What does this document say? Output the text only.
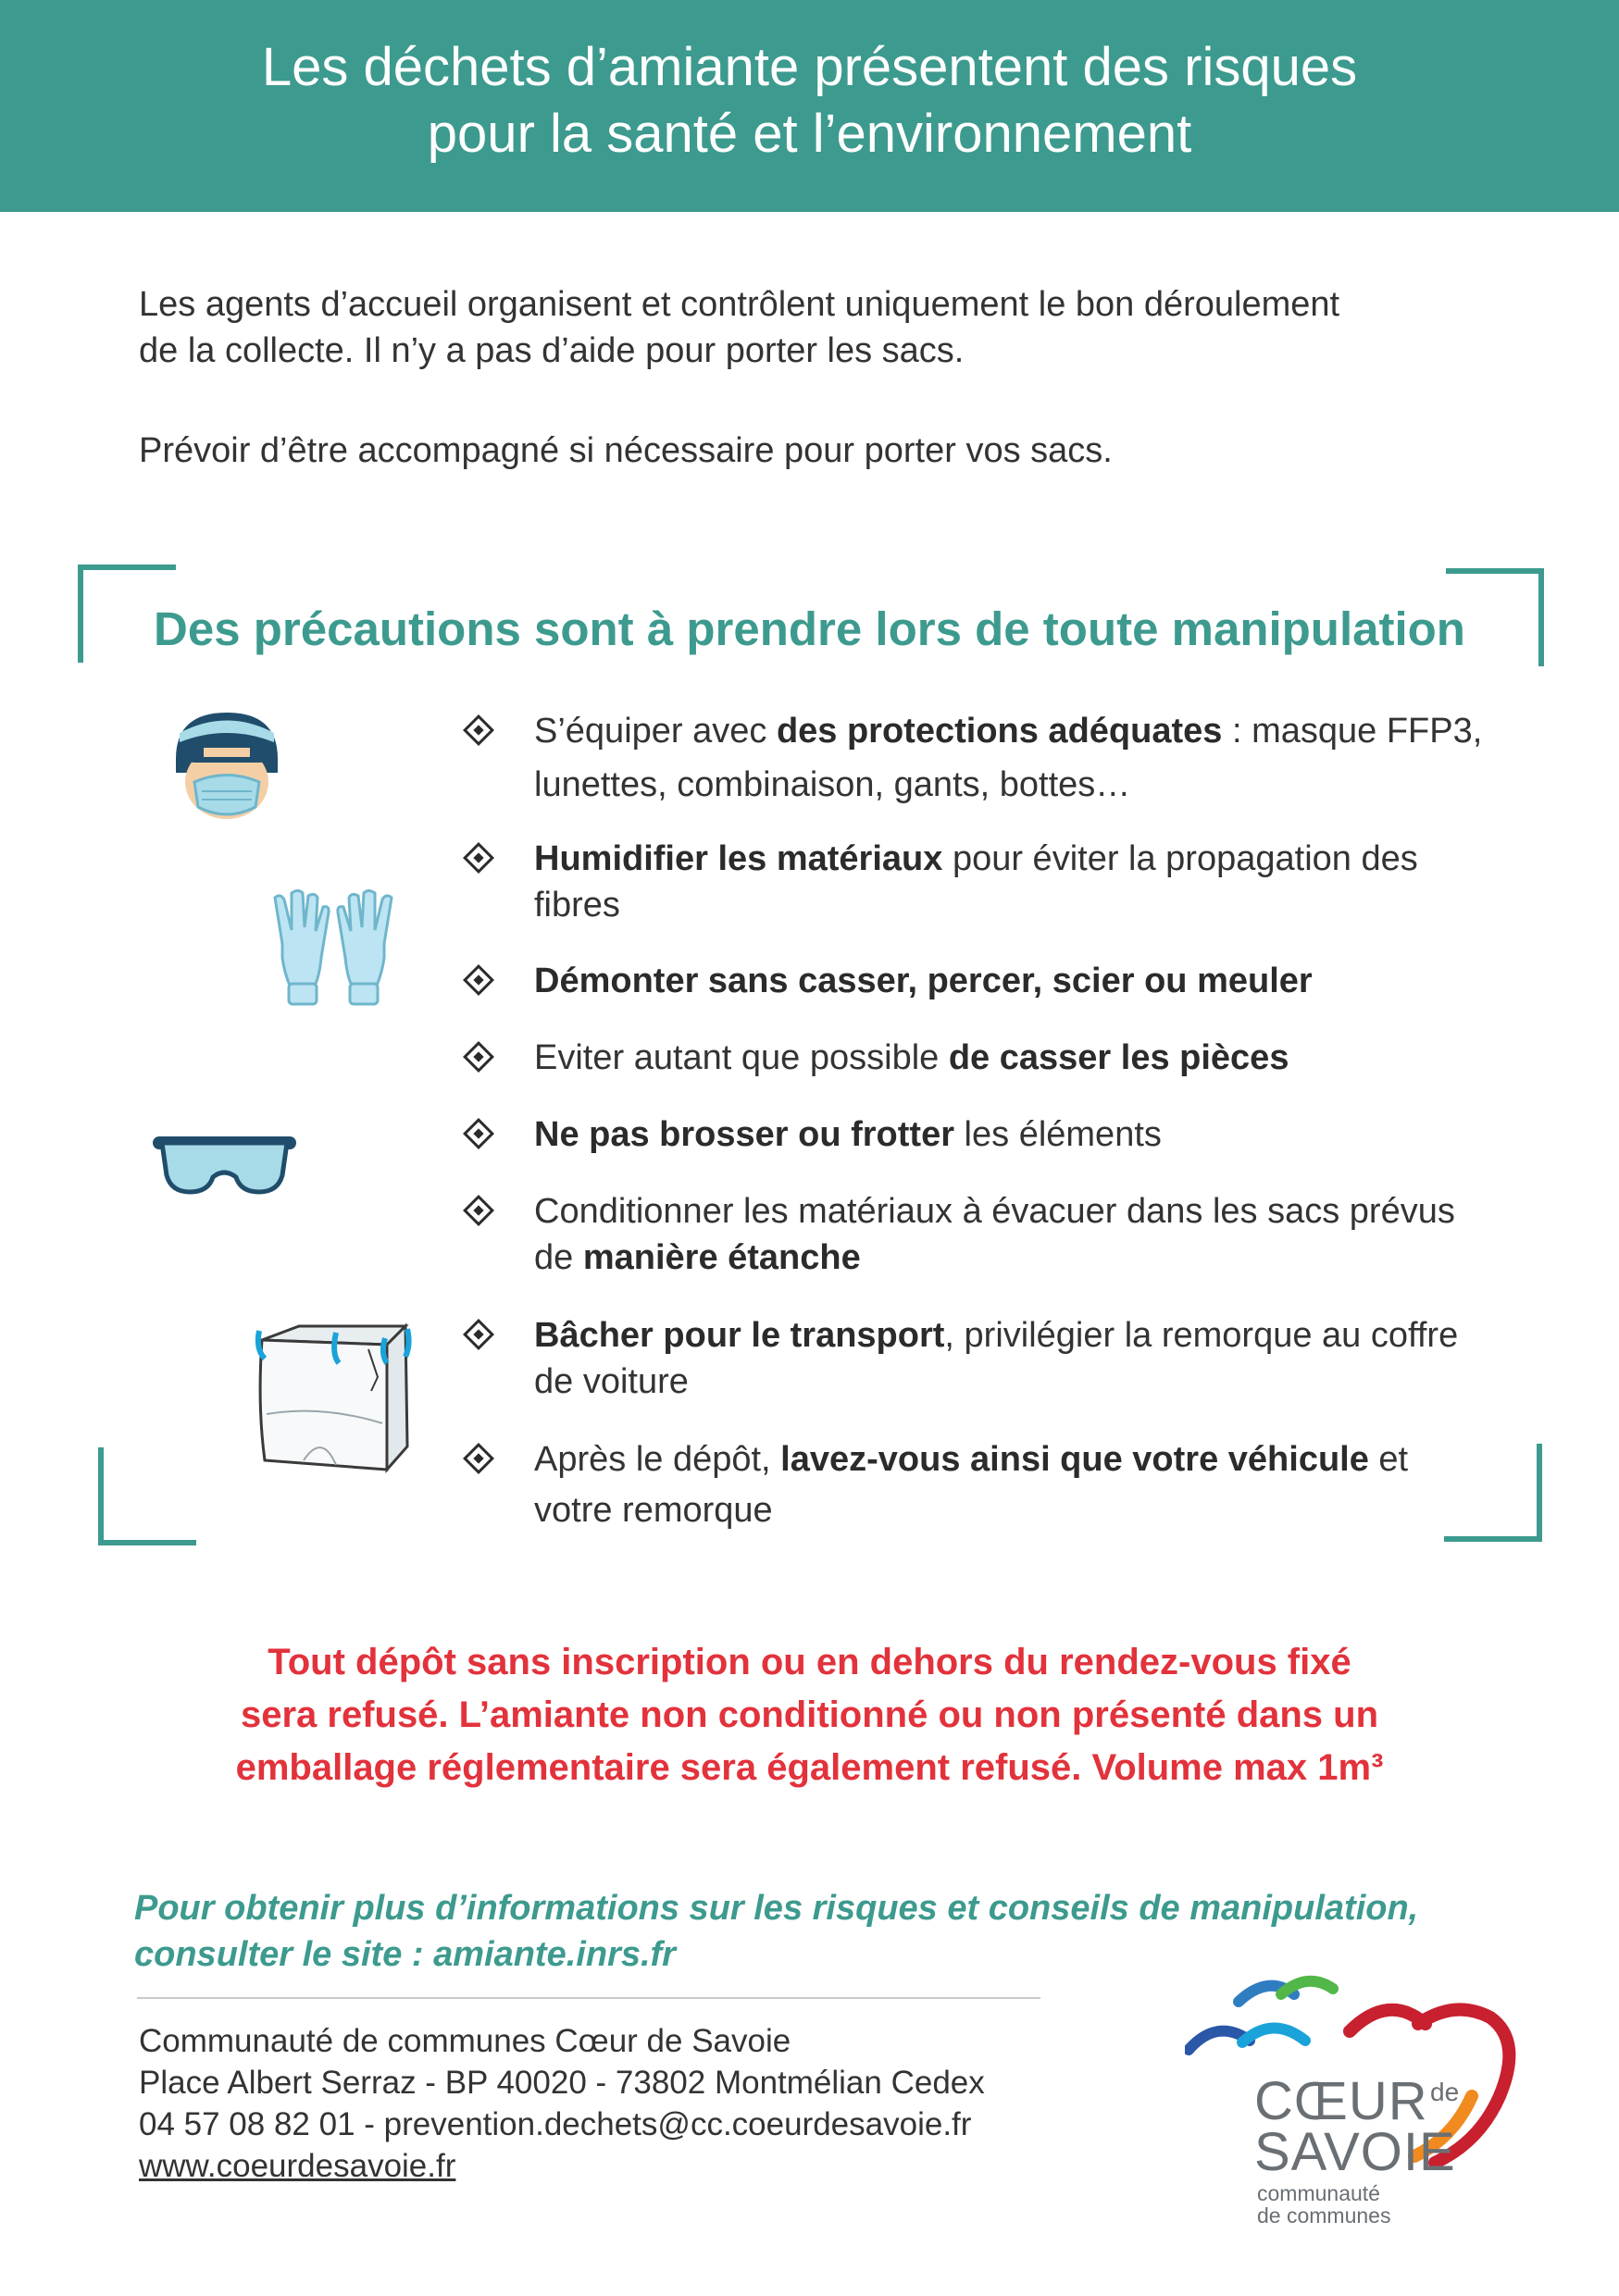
Les déchets d’amiante présentent des risques
pour la santé et l’environnement
Les agents d’accueil organisent et contrôlent uniquement le bon déroulement
de la collecte. Il n’y a pas d’aide pour porter les sacs.
Prévoir d’être accompagné si nécessaire pour porter vos sacs.
Des précautions sont à prendre lors de toute manipulation
S’équiper avec des protections adéquates : masque FFP3,
lunettes, combinaison, gants, bottes…
Humidifier les matériaux pour éviter la propagation des
fibres
Démonter sans casser, percer, scier ou meuler
Eviter autant que possible de casser les pièces
Ne pas brosser ou frotter les éléments
Conditionner les matériaux à évacuer dans les sacs prévus
de manière étanche
Bâcher pour le transport, privilégier la remorque au coffre
de voiture
Après le dépôt, lavez-vous ainsi que votre véhicule et
votre remorque
Tout dépôt sans inscription ou en dehors du rendez-vous fixé
sera refusé. L’amiante non conditionné ou non présenté dans un
emballage réglementaire sera également refusé. Volume max 1m³
Pour obtenir plus d’informations sur les risques et conseils de manipulation,
consulter le site : amiante.inrs.fr
Communauté de communes Cœur de Savoie
Place Albert Serraz - BP 40020 - 73802 Montmélian Cedex
04 57 08 82 01 - prevention.dechets@cc.coeurdesavoie.fr
www.coeurdesavoie.fr
CŒUR de
SAVOIE
communauté
de communes
